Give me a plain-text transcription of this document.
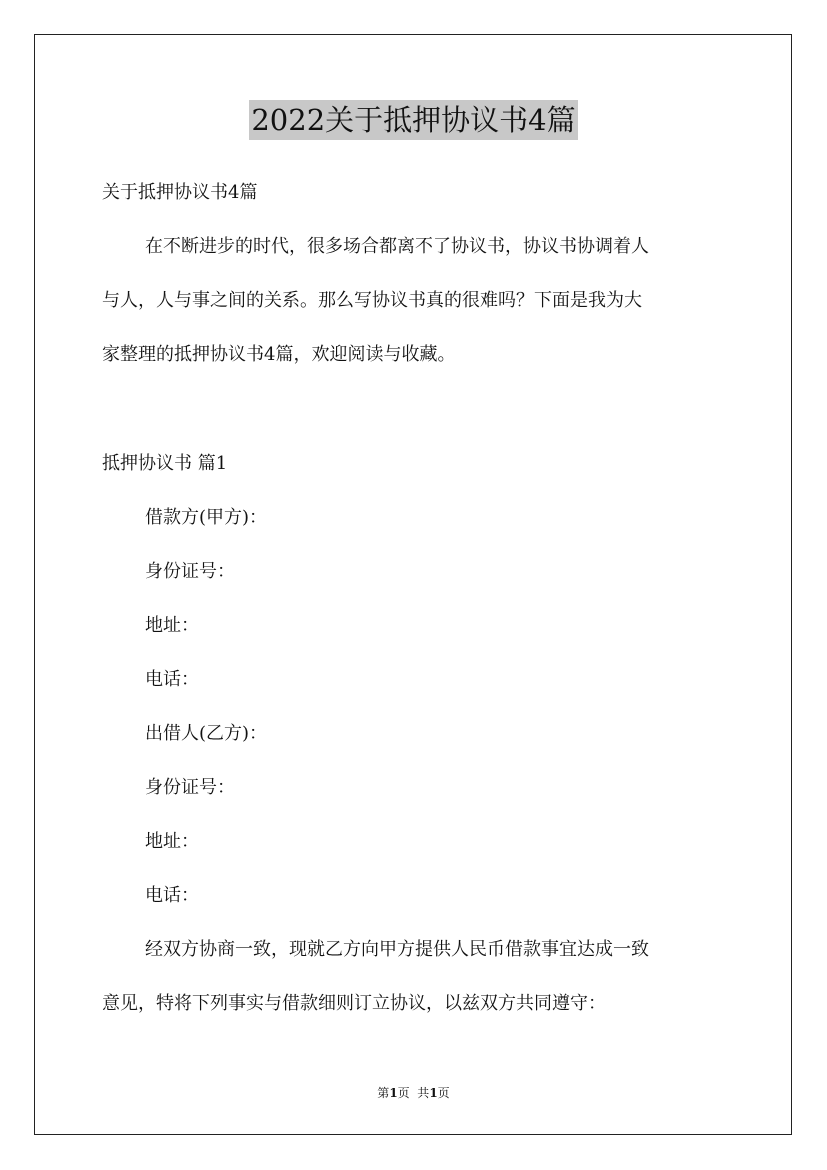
2022关于抵押协议书4篇

关于抵押协议书4篇

在不断进步的时代，很多场合都离不了协议书，协议书协调着人

与人，人与事之间的关系。那么写协议书真的很难吗？下面是我为大

家整理的抵押协议书4篇，欢迎阅读与收藏。

抵押协议书 篇1

借款方(甲方)：

身份证号：

地址：

电话：

出借人(乙方)：

身份证号：

地址：

电话：

经双方协商一致，现就乙方向甲方提供人民币借款事宜达成一致

意见，特将下列事实与借款细则订立协议，以兹双方共同遵守：

第1页  共1页
